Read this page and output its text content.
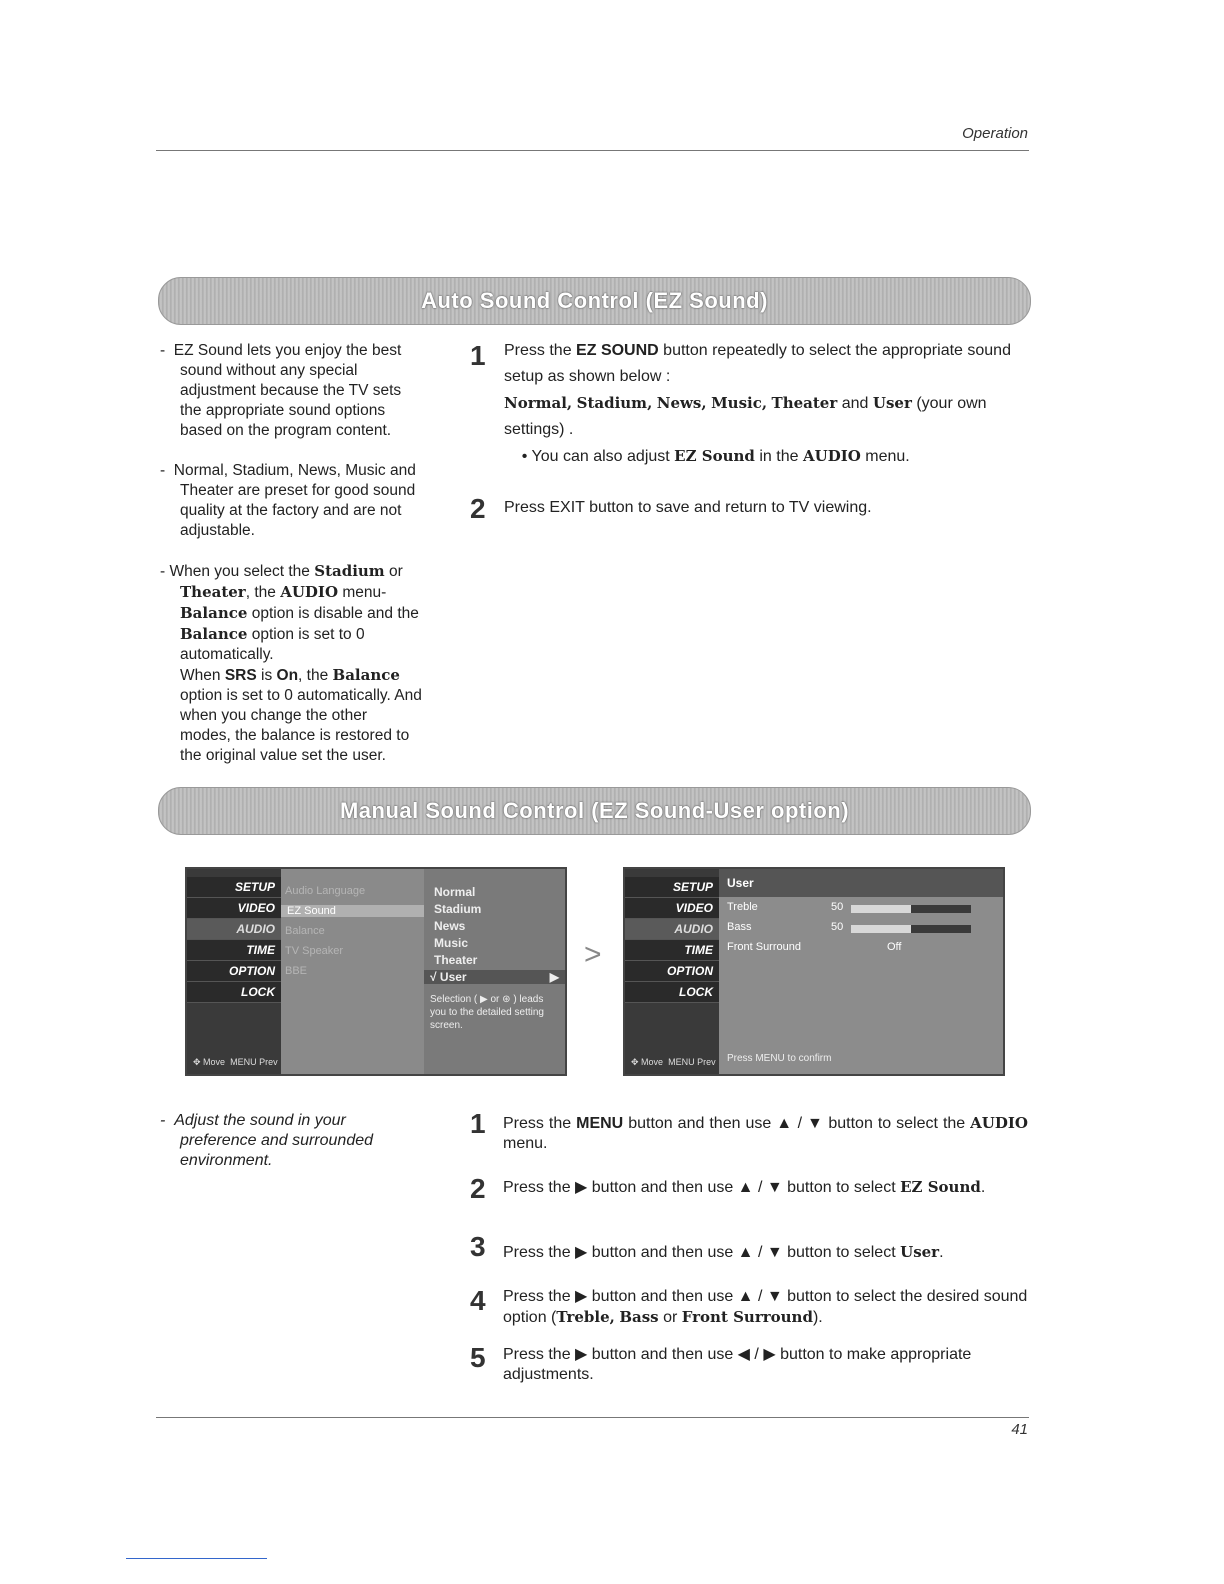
Operation
Auto Sound Control (EZ Sound)

-  EZ Sound lets you enjoy the best sound without any special adjustment because the TV sets the appropriate sound options based on the program content.

-  Normal, Stadium, News, Music and Theater are preset for good sound quality at the factory and are not adjustable.

- When you select the Stadium or Theater, the AUDIO menu- Balance option is disable and the Balance option is set to 0 automatically.
When SRS is On, the Balance option is set to 0 automatically. And when you change the other modes, the balance is restored to the original value set the user.

1 Press the EZ SOUND button repeatedly to select the appropriate sound setup as shown below :
Normal, Stadium, News, Music, Theater and User (your own settings) .
• You can also adjust EZ Sound in the AUDIO menu.
2 Press EXIT button to save and return to TV viewing.
Manual Sound Control (EZ Sound-User option)
SETUP
VIDEO
AUDIO
TIME
OPTION
LOCK
✥ Move MENU Prev
Audio Language
EZ Sound
Balance
TV Speaker
BBE
Normal
Stadium
News
Music
Theater
√ User	▶
Selection ( ▶ or ⊛ ) leads you to the detailed setting screen.
>
SETUP
VIDEO
AUDIO
TIME
OPTION
LOCK
✥ Move MENU Prev
User
Treble	50
Bass	50
Front Surround	Off
Press MENU to confirm

-  Adjust the sound in your preference and surrounded environment.

1 Press the MENU button and then use ▲ / ▼ button to select the AUDIO menu.
2 Press the ▶ button and then use ▲ / ▼ button to select EZ Sound.
3 Press the ▶ button and then use ▲ / ▼ button to select User.
4 Press the ▶ button and then use ▲ / ▼ button to select the desired sound option (Treble, Bass or Front Surround).
5 Press the ▶ button and then use ◀ / ▶ button to make appropriate adjustments.
41
